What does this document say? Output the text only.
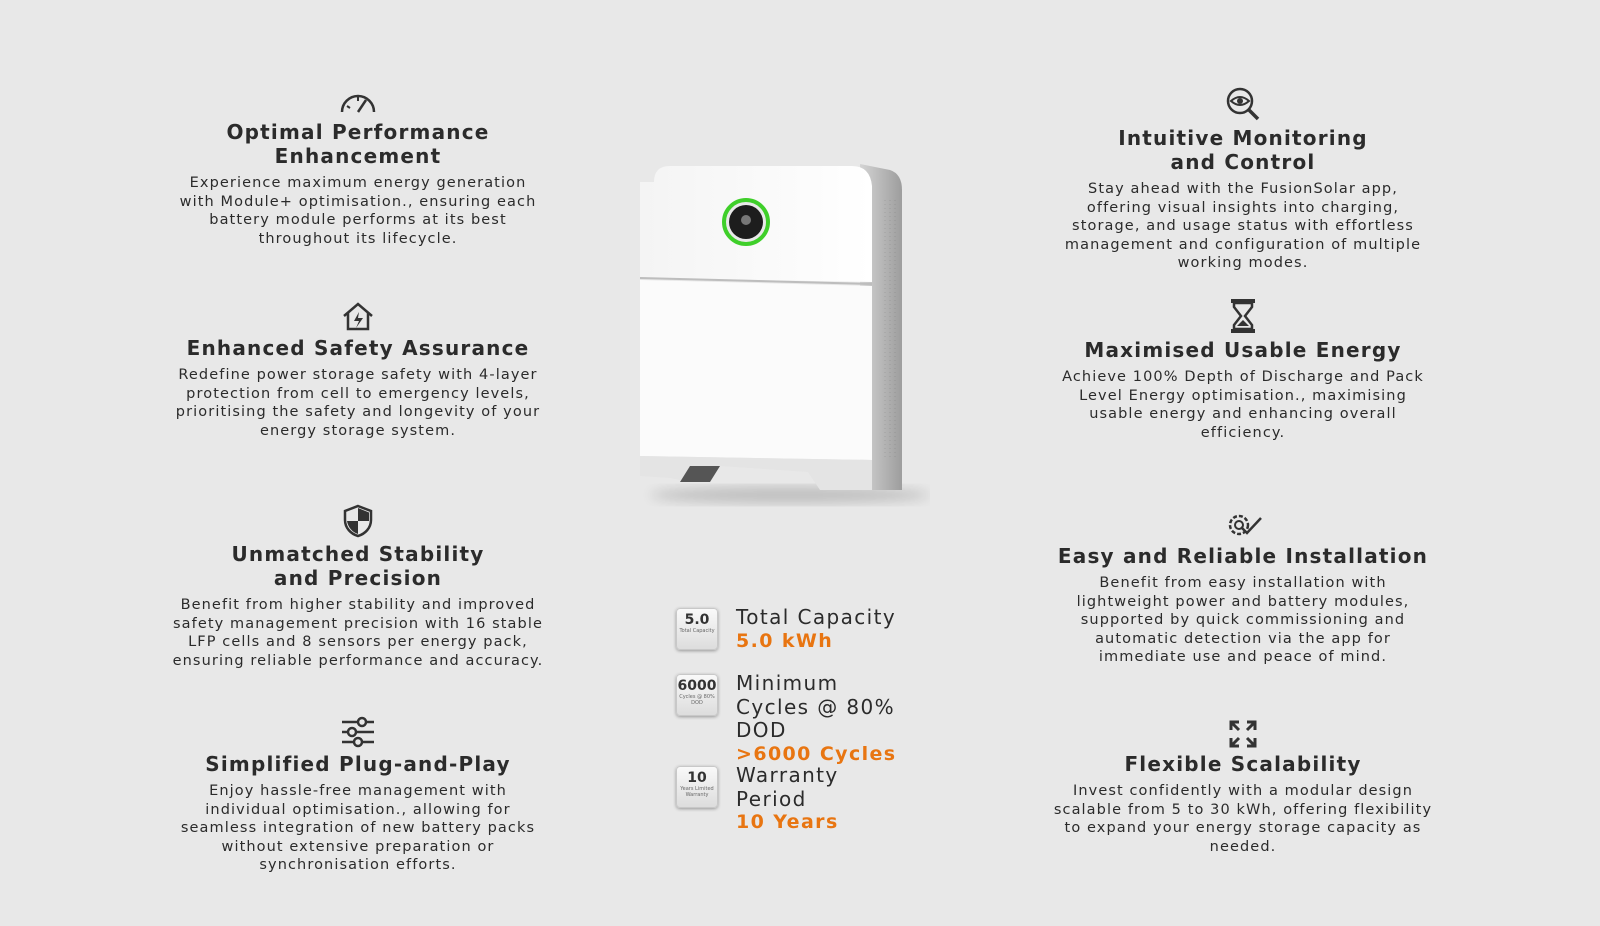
Optimal Performance Enhancement

Experience maximum energy generation with Module+ optimisation., ensuring each battery module performs at its best throughout its lifecycle.

Enhanced Safety Assurance

Redefine power storage safety with 4-layer protection from cell to emergency levels, prioritising the safety and longevity of your energy storage system.

Unmatched Stability and Precision

Benefit from higher stability and improved safety management precision with 16 stable LFP cells and 8 sensors per energy pack, ensuring reliable performance and accuracy.

Simplified Plug-and-Play

Enjoy hassle-free management with individual optimisation., allowing for seamless integration of new battery packs without extensive preparation or synchronisation efforts.

5.0
Total Capacity
Total Capacity
5.0 kWh
6000
Cycles @ 80% DOD
Minimum Cycles @ 80% DOD
>6000 Cycles
10
Years Limited Warranty
Warranty Period
10 Years
Intuitive Monitoring and Control

Stay ahead with the FusionSolar app, offering visual insights into charging, storage, and usage status with effortless management and configuration of multiple working modes.

Maximised Usable Energy

Achieve 100% Depth of Discharge and Pack Level Energy optimisation., maximising usable energy and enhancing overall efficiency.

Easy and Reliable Installation

Benefit from easy installation with lightweight power and battery modules, supported by quick commissioning and automatic detection via the app for immediate use and peace of mind.

Flexible Scalability

Invest confidently with a modular design scalable from 5 to 30 kWh, offering flexibility to expand your energy storage capacity as needed.
